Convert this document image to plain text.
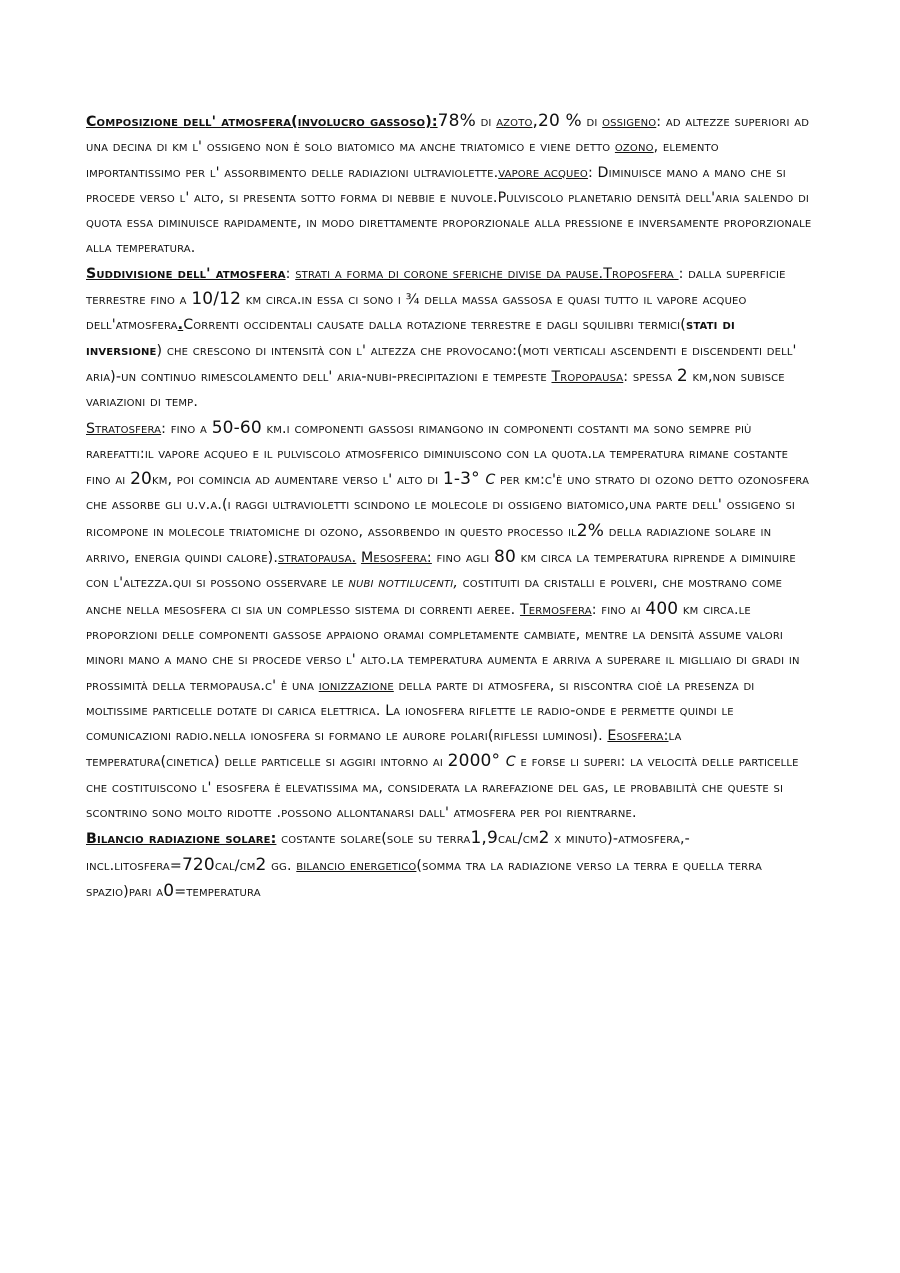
Composizione dell' atmosfera(involucro gassoso):78% di azoto,20 % di ossigeno: ad altezze superiori ad una decina di km l' ossigeno non è solo biatomico ma anche triatomico e viene detto ozono, elemento importantissimo per l' assorbimento delle radiazioni ultraviolette.vapore acqueo: Diminuisce mano a mano che si procede verso l' alto, si presenta sotto forma di nebbie e nuvole.Pulviscolo planetario densità dell'aria salendo di quota essa diminuisce rapidamente, in modo direttamente proporzionale alla pressione e inversamente proporzionale alla temperatura.

Suddivisione dell' atmosfera: strati a forma di corone sferiche divise da pause.Troposfera : dalla superficie terrestre fino a 10/12 km circa.in essa ci sono i ¾ della massa gassosa e quasi tutto il vapore acqueo dell'atmosfera.Correnti occidentali causate dalla rotazione terrestre e dagli squilibri termici(stati di inversione) che crescono di intensità con l' altezza che provocano:(moti verticali ascendenti e discendenti dell' aria)-un continuo rimescolamento dell' aria-nubi-precipitazioni e tempeste Tropopausa: spessa 2 km,non subisce variazioni di temp.

Stratosfera: fino a 50-60 km.i componenti gassosi rimangono in componenti costanti ma sono sempre più rarefatti:il vapore acqueo e il pulviscolo atmosferico diminuiscono con la quota.la temperatura rimane costante fino ai 20km, poi comincia ad aumentare verso l' alto di 1-3° C per km:c'è uno strato di ozono detto ozonosfera che assorbe gli u.v.a.(i raggi ultravioletti scindono le molecole di ossigeno biatomico,una parte dell' ossigeno si ricompone in molecole triatomiche di ozono, assorbendo in questo processo il2% della radiazione solare in arrivo, energia quindi calore).stratopausa. Mesosfera: fino agli 80 km circa la temperatura riprende a diminuire con l'altezza.qui si possono osservare le nubi nottilucenti, costituiti da cristalli e polveri, che mostrano come anche nella mesosfera ci sia un complesso sistema di correnti aeree. Termosfera: fino ai 400 km circa.le proporzioni delle componenti gassose appaiono oramai completamente cambiate, mentre la densità assume valori minori mano a mano che si procede verso l' alto.la temperatura aumenta e arriva a superare il miglliaio di gradi in prossimità della termopausa.c' è una ionizzazione della parte di atmosfera, si riscontra cioè la presenza di moltissime particelle dotate di carica elettrica. La ionosfera riflette le radio-onde e permette quindi le comunicazioni radio.nella ionosfera si formano le aurore polari(riflessi luminosi). Esosfera:la temperatura(cinetica) delle particelle si aggiri intorno ai 2000° C e forse li superi: la velocità delle particelle che costituiscono l' esosfera è elevatissima ma, considerata la rarefazione del gas, le probabilità che queste si scontrino sono molto ridotte .possono allontanarsi dall' atmosfera per poi rientrarne.

Bilancio radiazione solare: costante solare(sole su terra1,9cal/cm2 x minuto)-atmosfera,-incl.litosfera=720cal/cm2 gg. bilancio energetico(somma tra la radiazione verso la terra e quella terra spazio)pari a0=temperatura
